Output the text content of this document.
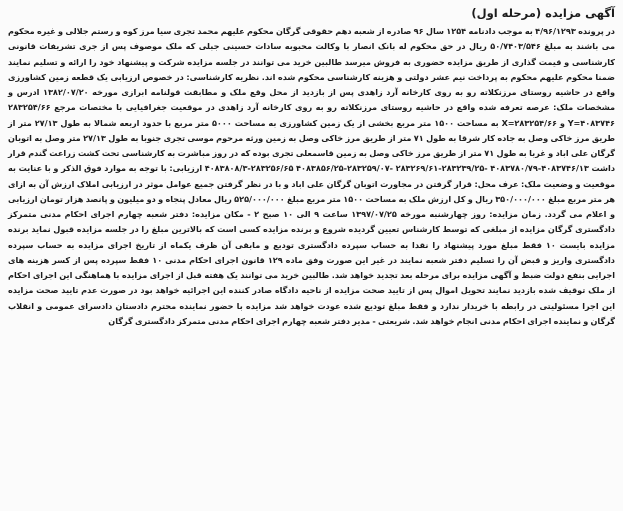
آگهی مزایده (مرحله اول)
در پرونده ۴/۹۶/۱۲۹۳ به موجب دادنامه ۱۲۵۴ سال ۹۶ صادره از شعبه دهم حقوقی گرگان محکوم علیهم محمد تجری سیا مرز کوه و رستم جلالی و غیره محکوم می باشند به مبلغ ۵۰/۷۴۰۳/۵۴۶ ریال در حق محکوم له بانک انصار با وکالت محبوبه سادات حسینی جبلی که ملک موصوف پس از جری تشریفات قانونی کارشناسی و قیمت گذاری از طریق مزایده حضوری به فروش میرسد طالبین خرید می توانند در جلسه مزایده شرکت و پیشنهاد خود را ارائه و تسلیم نمایند ضمنا محکوم علیهم محکوم به پرداخت نیم عشر دولتی و هزینه کارشناسی محکوم شده اند. نظریه کارشناسی: در خصوص ارزیابی یک قطعه زمین کشاورزی واقع در حاشیه روستای مرزنکلاته رو به روی کارخانه آرد زاهدی پس از بازدید از محل وقع ملک و مطابقت قولنامه ابرازی مورخه ۱۳۸۲/۰۷/۲۰ ادرس و مشخصات ملک: عرصه تعرفه شده واقع در حاشیه روستای مرزنکلاته رو به روی کارخانه آرد زاهدی در موقعیت جغرافیایی با مختصات مرجع ۲۸۳۲۵۴/۶۶ ۴۰۸۳۷۴۶=Y و X=۲۸۳۲۵۴/۶۶ به مساحت ۱۵۰۰ متر مربع بخشی از یک زمین کشاورزی به مساحت ۵۰۰۰ متر مربع با حدود اربعه شمالا به طول ۲۷/۱۳ متر از طریق مرز خاکی وصل به جاده کار شرقا به طول ۷۱ متر از طریق مرز خاکی وصل به زمین ورثه مرحوم موسی تجری جنوبا به طول ۲۷/۱۳ متر وصل به اتوبان گرگان علی اباد و غربا به طول ۷۱ متر از طریق مرز خاکی وصل به زمین قاسمعلی تجری بوده که در روز مباشرت به کارشناسی تحت کشت زراعت گندم قرار داشت ۴۰۸۳۷۴۶/۱۳-۴۰۸۳۷۸۰/۷۹ -۲۸۳۲۳۹/۲۵-۲۸۳۲۶۹/۶۱ -۲۸۳۲۵۹/۰۷-۴۰۸۳۸۵۶/۲۵ ۲۸۳۲۵۶/۶۵-۴۰۸۳۸۰۸/۳ ارزیابی: با توجه به موارد فوق الذکر و با عنایت به موقعیت و وضعیت ملک: عرف محل: قرار گرفتن در مجاورت اتوبان گرگان علی اباد و با در نظر گرفتن جمیع عوامل موثر در ارزیابی املاک ارزش آن به ازای هر متر مربع مبلغ ۳۵۰/۰۰۰/۰۰۰ ریال و کل ارزش ملک به مساحت ۱۵۰۰ متر مربع مبلغ ۵۲۵/۰۰۰/۰۰۰ ریال معادل پنجاه و دو میلیون و پانصد هزار تومان ارزیابی و اعلام می گردد. زمان مزایده: روز چهارشنبه مورخه ۱۳۹۷/۰۷/۲۵ ساعت ۹ الی ۱۰ صبح ۲ - مکان مزایده: دفتر شعبه چهارم اجرای احکام مدنی متمرکز دادگستری گرگان مزایده از مبلغی که توسط کارشناس تعیین گردیده شروع و برنده مزایده کسی است که بالاترین مبلغ را در جلسه مزایده قبول نماید برنده مزایده بایست ۱۰ فقط مبلغ مورد پیشنهاد را نقدا به حساب سپرده دادگستری تودیع و مابقی آن ظرف یکماه از تاریخ اجرای مزایده به حساب سپرده دادگستری واریز و قبض آن را تسلیم دفتر شعبه نمایند در غیر این صورت وفق ماده ۱۲۹ قانون اجرای احکام مدنی ۱۰ فقط سپرده پس از کسر هزینه های اجرایی بنفع دولت ضبط و آگهی مزایده برای مرحله بعد تجدید خواهد شد. طالبین خرید می توانند یک هفته قبل از اجرای مزایده با هماهنگی این اجرای احکام از ملک توقیف شده بازدید نمایند تحویل اموال پس از تایید صحت مزایده از ناحیه دادگاه صادر کننده این اجرائیه خواهد بود در صورت عدم تایید صحت مزایده این اجرا مسئولیتی در رابطه با خریدار ندارد و فقط مبلغ تودیع شده عودت خواهد شد مزایده با حضور نماینده محترم دادستان دادسرای عمومی و انقلاب گرگان و نماینده اجرای احکام مدنی انجام خواهد شد. شریعتی - مدیر دفتر شعبه چهارم اجرای احکام مدنی متمرکز دادگستری گرگان
